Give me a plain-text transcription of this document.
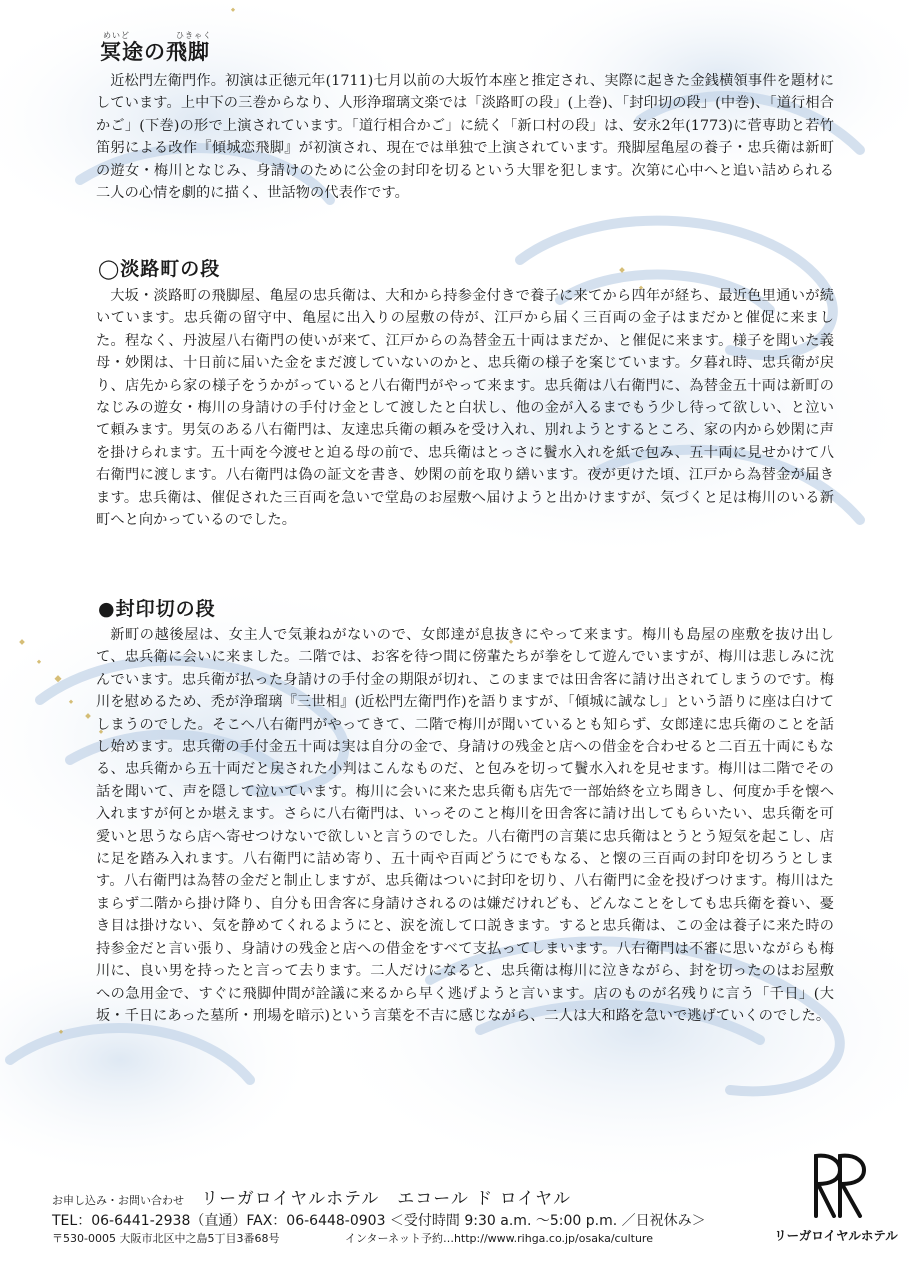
めいど	ひきゃく
冥途の飛脚
近松門左衛門作。初演は正徳元年(1711)七月以前の大坂竹本座と推定され、実際に起きた金銭横領事件を題材にしています。上中下の三巻からなり、人形浄瑠璃文楽では「淡路町の段」(上巻)、「封印切の段」(中巻)、「道行相合かご」(下巻)の形で上演されています。「道行相合かご」に続く「新口村の段」は、安永2年(1773)に菅専助と若竹笛躬による改作『傾城恋飛脚』が初演され、現在では単独で上演されています。飛脚屋亀屋の養子・忠兵衛は新町の遊女・梅川となじみ、身請けのために公金の封印を切るという大罪を犯します。次第に心中へと追い詰められる二人の心情を劇的に描く、世話物の代表作です。
◯淡路町の段
大坂・淡路町の飛脚屋、亀屋の忠兵衛は、大和から持参金付きで養子に来てから四年が経ち、最近色里通いが続いています。忠兵衛の留守中、亀屋に出入りの屋敷の侍が、江戸から届く三百両の金子はまだかと催促に来ました。程なく、丹波屋八右衛門の使いが来て、江戸からの為替金五十両はまだか、と催促に来ます。様子を聞いた義母・妙閑は、十日前に届いた金をまだ渡していないのかと、忠兵衛の様子を案じています。夕暮れ時、忠兵衛が戻り、店先から家の様子をうかがっていると八右衛門がやって来ます。忠兵衛は八右衛門に、為替金五十両は新町のなじみの遊女・梅川の身請けの手付け金として渡したと白状し、他の金が入るまでもう少し待って欲しい、と泣いて頼みます。男気のある八右衛門は、友達忠兵衛の頼みを受け入れ、別れようとするところ、家の内から妙閑に声を掛けられます。五十両を今渡せと迫る母の前で、忠兵衛はとっさに鬢水入れを紙で包み、五十両に見せかけて八右衛門に渡します。八右衛門は偽の証文を書き、妙閑の前を取り繕います。夜が更けた頃、江戸から為替金が届きます。忠兵衛は、催促された三百両を急いで堂島のお屋敷へ届けようと出かけますが、気づくと足は梅川のいる新町へと向かっているのでした。
●封印切の段
新町の越後屋は、女主人で気兼ねがないので、女郎達が息抜きにやって来ます。梅川も島屋の座敷を抜け出して、忠兵衛に会いに来ました。二階では、お客を待つ間に傍輩たちが拳をして遊んでいますが、梅川は悲しみに沈んでいます。忠兵衛が払った身請けの手付金の期限が切れ、このままでは田舎客に請け出されてしまうのです。梅川を慰めるため、禿が浄瑠璃『三世相』(近松門左衛門作)を語りますが、「傾城に誠なし」という語りに座は白けてしまうのでした。そこへ八右衛門がやってきて、二階で梅川が聞いているとも知らず、女郎達に忠兵衛のことを話し始めます。忠兵衛の手付金五十両は実は自分の金で、身請けの残金と店への借金を合わせると二百五十両にもなる、忠兵衛から五十両だと戻された小判はこんなものだ、と包みを切って鬢水入れを見せます。梅川は二階でその話を聞いて、声を隠して泣いています。梅川に会いに来た忠兵衛も店先で一部始終を立ち聞きし、何度か手を懐へ入れますが何とか堪えます。さらに八右衛門は、いっそのこと梅川を田舎客に請け出してもらいたい、忠兵衛を可愛いと思うなら店へ寄せつけないで欲しいと言うのでした。八右衛門の言葉に忠兵衛はとうとう短気を起こし、店に足を踏み入れます。八右衛門に詰め寄り、五十両や百両どうにでもなる、と懐の三百両の封印を切ろうとします。八右衛門は為替の金だと制止しますが、忠兵衛はついに封印を切り、八右衛門に金を投げつけます。梅川はたまらず二階から掛け降り、自分も田舎客に身請けされるのは嫌だけれども、どんなことをしても忠兵衛を養い、憂き目は掛けない、気を静めてくれるようにと、涙を流して口説きます。すると忠兵衛は、この金は養子に来た時の持参金だと言い張り、身請けの残金と店への借金をすべて支払ってしまいます。八右衛門は不審に思いながらも梅川に、良い男を持ったと言って去ります。二人だけになると、忠兵衛は梅川に泣きながら、封を切ったのはお屋敷への急用金で、すぐに飛脚仲間が詮議に来るから早く逃げようと言います。店のものが名残りに言う「千日」(大坂・千日にあった墓所・刑場を暗示)という言葉を不吉に感じながら、二人は大和路を急いで逃げていくのでした。
お申し込み・お問い合わせ リーガロイヤルホテル　エコール ド ロイヤル
TEL：06-6441-2938（直通）FAX：06-6448-0903 ＜受付時間 9:30 a.m. ～5:00 p.m. ／日祝休み＞
〒530-0005 大阪市北区中之島5丁目3番68号	インターネット予約…http://www.rihga.co.jp/osaka/culture	リーガロイヤルホテル
